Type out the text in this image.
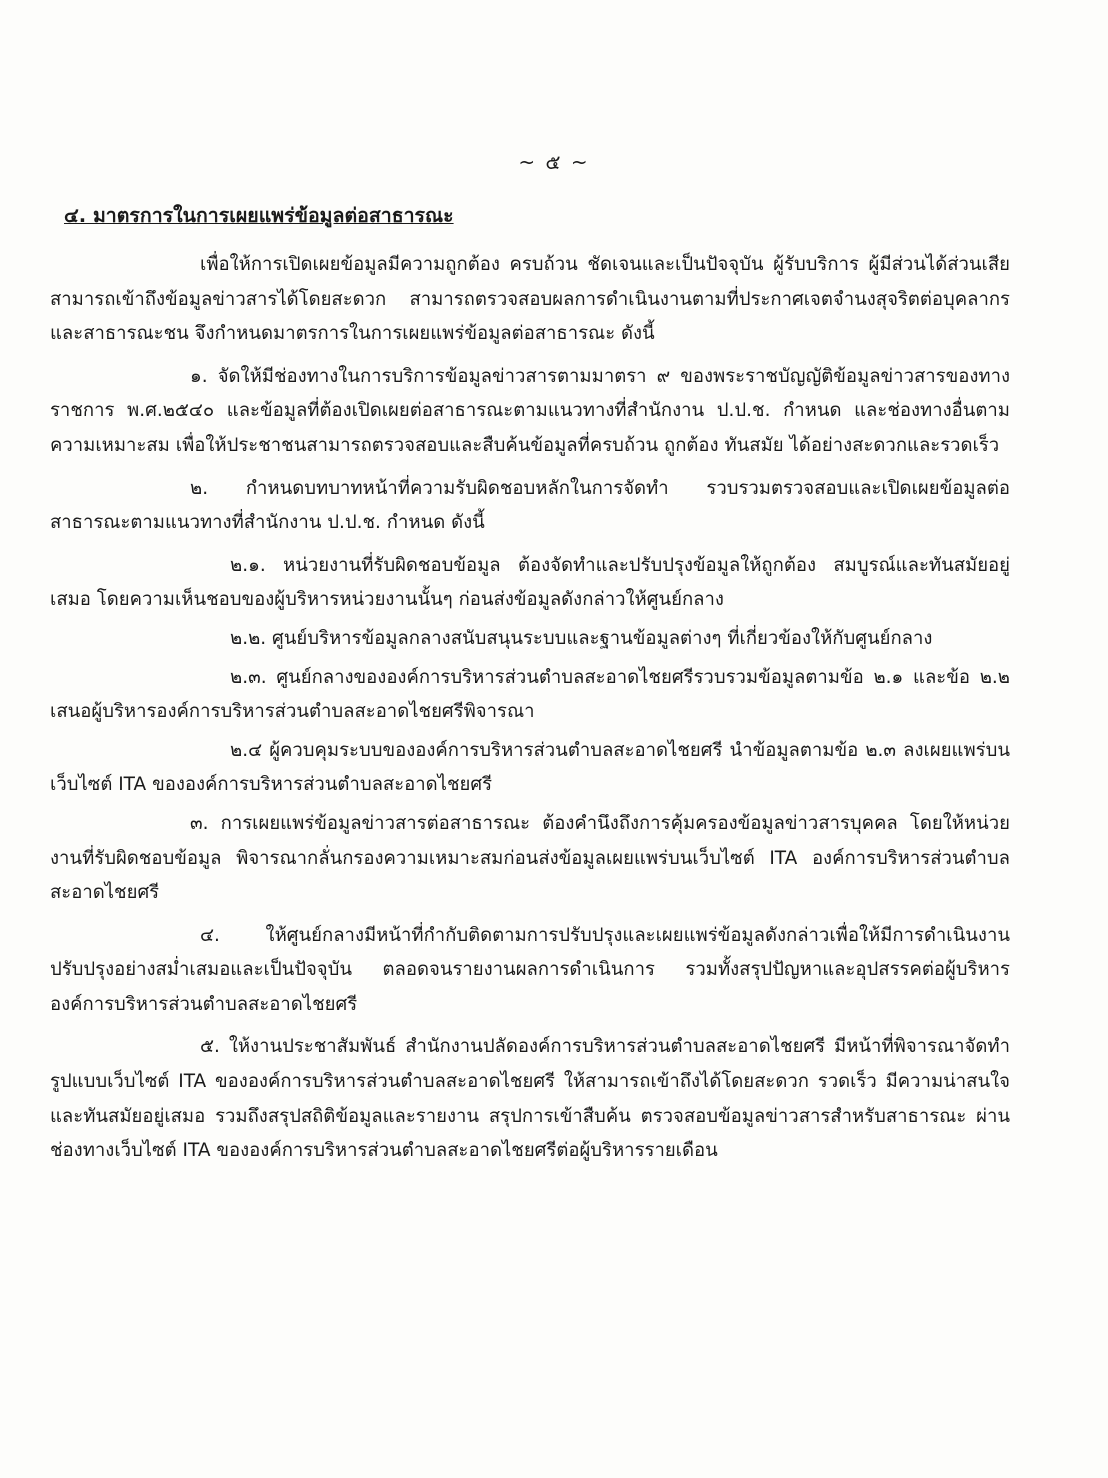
~ ๕ ~
๔. มาตรการในการเผยแพร่ข้อมูลต่อสาธารณะ

เพื่อให้การเปิดเผยข้อมูลมีความถูกต้อง ครบถ้วน ชัดเจนและเป็นปัจจุบัน ผู้รับบริการ ผู้มีส่วนได้ส่วนเสียสามารถเข้าถึงข้อมูลข่าวสารได้โดยสะดวก สามารถตรวจสอบผลการดำเนินงานตามที่ประกาศเจตจำนงสุจริตต่อบุคลากรและสาธารณะชน จึงกำหนดมาตรการในการเผยแพร่ข้อมูลต่อสาธารณะ ดังนี้

๑. จัดให้มีช่องทางในการบริการข้อมูลข่าวสารตามมาตรา ๙ ของพระราชบัญญัติข้อมูลข่าวสารของทางราชการ พ.ศ.๒๕๔๐ และข้อมูลที่ต้องเปิดเผยต่อสาธารณะตามแนวทางที่สำนักงาน ป.ป.ช. กำหนด และช่องทางอื่นตามความเหมาะสม เพื่อให้ประชาชนสามารถตรวจสอบและสืบค้นข้อมูลที่ครบถ้วน ถูกต้อง ทันสมัย ได้อย่างสะดวกและรวดเร็ว

๒. กำหนดบทบาทหน้าที่ความรับผิดชอบหลักในการจัดทำ รวบรวมตรวจสอบและเปิดเผยข้อมูลต่อสาธารณะตามแนวทางที่สำนักงาน ป.ป.ช. กำหนด ดังนี้

๒.๑. หน่วยงานที่รับผิดชอบข้อมูล ต้องจัดทำและปรับปรุงข้อมูลให้ถูกต้อง สมบูรณ์และทันสมัยอยู่เสมอ โดยความเห็นชอบของผู้บริหารหน่วยงานนั้นๆ ก่อนส่งข้อมูลดังกล่าวให้ศูนย์กลาง

๒.๒. ศูนย์บริหารข้อมูลกลางสนับสนุนระบบและฐานข้อมูลต่างๆ ที่เกี่ยวข้องให้กับศูนย์กลาง

๒.๓. ศูนย์กลางขององค์การบริหารส่วนตำบลสะอาดไชยศรีรวบรวมข้อมูลตามข้อ ๒.๑ และข้อ ๒.๒ เสนอผู้บริหารองค์การบริหารส่วนตำบลสะอาดไชยศรีพิจารณา

๒.๔ ผู้ควบคุมระบบขององค์การบริหารส่วนตำบลสะอาดไชยศรี นำข้อมูลตามข้อ ๒.๓ ลงเผยแพร่บนเว็บไซต์ ITA ขององค์การบริหารส่วนตำบลสะอาดไชยศรี

๓. การเผยแพร่ข้อมูลข่าวสารต่อสาธารณะ ต้องคำนึงถึงการคุ้มครองข้อมูลข่าวสารบุคคล โดยให้หน่วยงานที่รับผิดชอบข้อมูล พิจารณากลั่นกรองความเหมาะสมก่อนส่งข้อมูลเผยแพร่บนเว็บไซต์ ITA องค์การบริหารส่วนตำบลสะอาดไชยศรี

๔. ให้ศูนย์กลางมีหน้าที่กำกับติดตามการปรับปรุงและเผยแพร่ข้อมูลดังกล่าวเพื่อให้มีการดำเนินงานปรับปรุงอย่างสม่ำเสมอและเป็นปัจจุบัน ตลอดจนรายงานผลการดำเนินการ รวมทั้งสรุปปัญหาและอุปสรรคต่อผู้บริหารองค์การบริหารส่วนตำบลสะอาดไชยศรี

๕. ให้งานประชาสัมพันธ์ สำนักงานปลัดองค์การบริหารส่วนตำบลสะอาดไชยศรี มีหน้าที่พิจารณาจัดทำรูปแบบเว็บไซต์ ITA ขององค์การบริหารส่วนตำบลสะอาดไชยศรี ให้สามารถเข้าถึงได้โดยสะดวก รวดเร็ว มีความน่าสนใจและทันสมัยอยู่เสมอ รวมถึงสรุปสถิติข้อมูลและรายงาน สรุปการเข้าสืบค้น ตรวจสอบข้อมูลข่าวสารสำหรับสาธารณะ ผ่านช่องทางเว็บไซต์ ITA ขององค์การบริหารส่วนตำบลสะอาดไชยศรีต่อผู้บริหารรายเดือน
